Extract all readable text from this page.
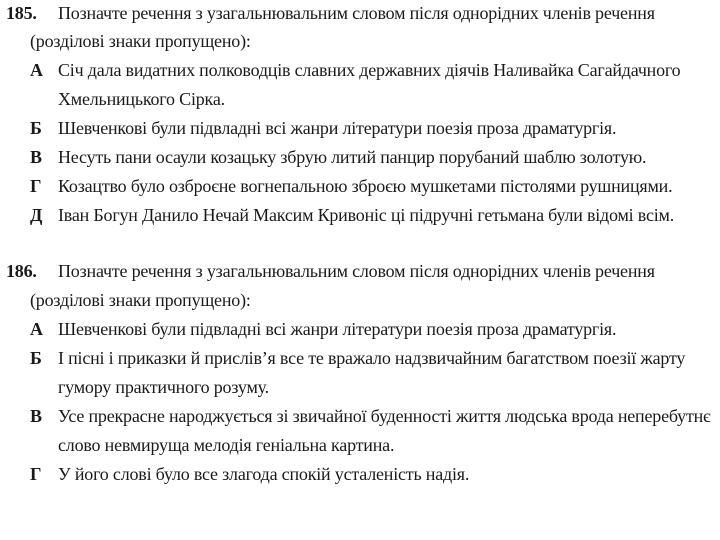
185. Позначте речення з узагальнювальним словом після однорідних членів речення
(розділові знаки пропущено):
А Січ дала видатних полководців славних державних діячів Наливайка Сагайдачного
Хмельницького Сірка.
Б Шевченкові були підвладні всі жанри літератури поезія проза драматургія.
В Несуть пани осаули козацьку збрую литий панцир порубаний шаблю золотую.
Г Козацтво було озброєне вогнепальною зброєю мушкетами пістолями рушницями.
Д Іван Богун Данило Нечай Максим Кривоніс ці підручні гетьмана були відомі всім.
186. Позначте речення з узагальнювальним словом після однорідних членів речення
(розділові знаки пропущено):
А Шевченкові були підвладні всі жанри літератури поезія проза драматургія.
Б І пісні і приказки й прислів’я все те вражало надзвичайним багатством поезії жарту
гумору практичного розуму.
В Усе прекрасне народжується зі звичайної буденності життя людська врода неперебутнє
слово невмируща мелодія геніальна картина.
Г У його слові було все злагода спокій усталеність надія.
